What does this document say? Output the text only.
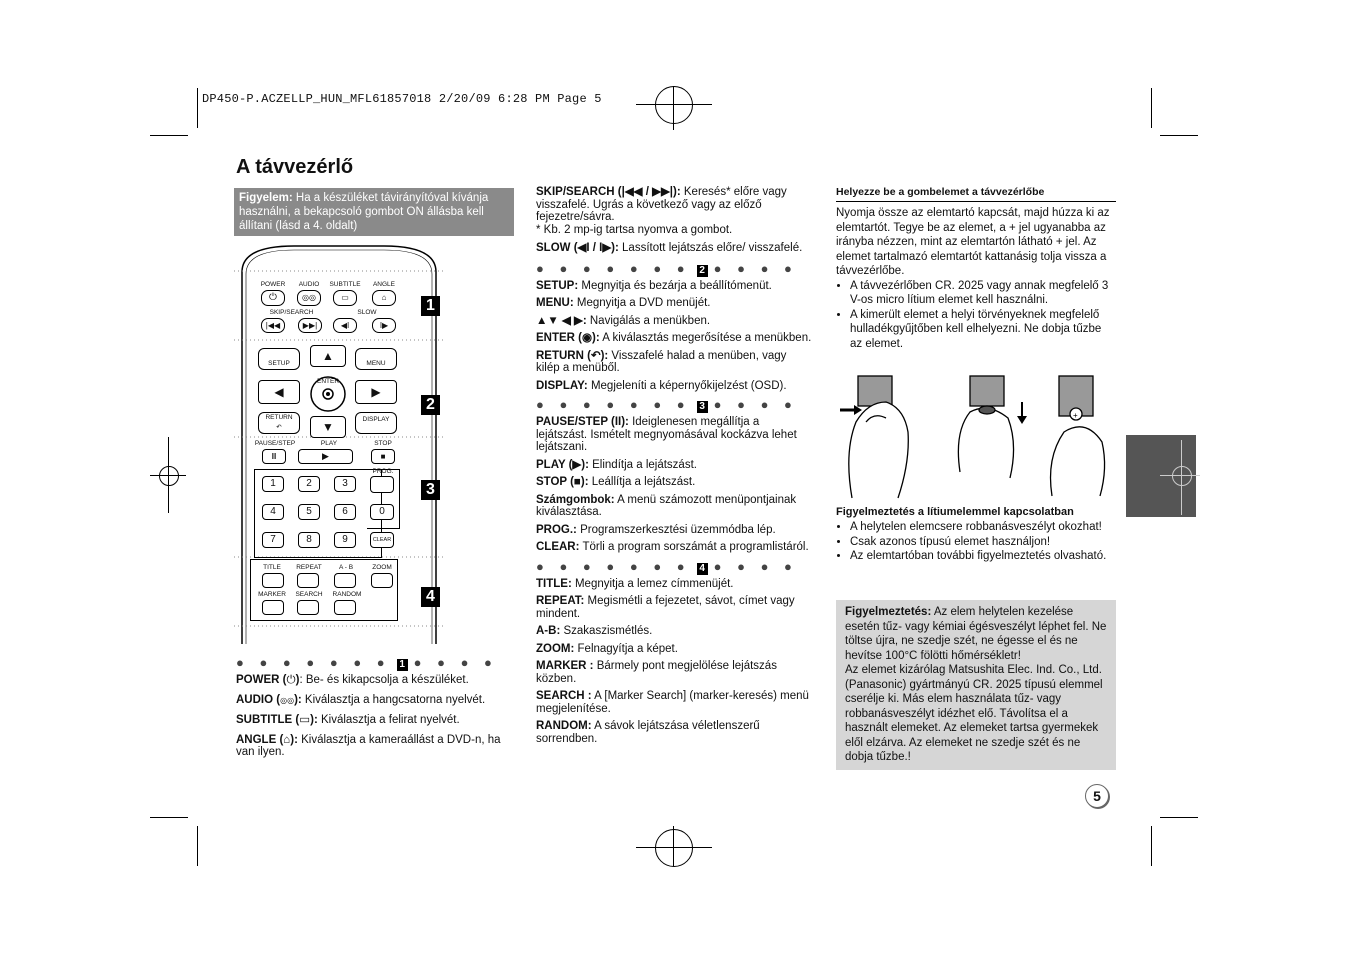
DP450-P.ACZELLP_HUN_MFL61857018 2/20/09 6:28 PM Page 5
A távvezérlő
Figyelem: Ha a készüléket távirányítóval kívánja használni, a bekapcsoló gombot ON állásba kell állítani (lásd a 4. oldalt)
POWER	AUDIO	SUBTITLE	ANGLE
⏻	◎◎	▭	⌂
SKIP/SEARCH	SLOW
|◀◀	▶▶|	◀I	I▶
SETUP
▲
MENU
◀
ENTER
▶
RETURN
↶	▼
DISPLAY
PAUSE/STEP	PLAY	STOP
II	▶	■
PROG.
1	2	3
4	5	6	0
7	8	9	CLEAR
TITLE	REPEAT	A - B	ZOOM
MARKER SEARCH RANDOM
1
2
3
4
● ● ● ● ● ● ● 1 ● ● ● ●
POWER (⏻): Be- és kikapcsolja a készüléket.
AUDIO (◎◎): Kiválasztja a hangcsatorna nyelvét.
SUBTITLE (▭): Kiválasztja a felirat nyelvét.
ANGLE (⌂): Kiválasztja a kameraállást a DVD-n, ha van ilyen.
SKIP/SEARCH (|◀◀ / ▶▶|): Keresés* előre vagy visszafelé. Ugrás a következő vagy az előző fejezetre/sávra.
* Kb. 2 mp-ig tartsa nyomva a gombot.
SLOW (◀I / I▶): Lassított lejátszás előre/ visszafelé.
● ● ● ● ● ● ● 2 ● ● ● ●
SETUP: Megnyitja és bezárja a beállítómenüt.
MENU: Megnyitja a DVD menüjét.
▲▼ ◀ ▶: Navigálás a menükben.
ENTER (◉): A kiválasztás megerősítése a menükben.
RETURN (↶): Visszafelé halad a menüben, vagy kilép a menüből.
DISPLAY: Megjeleníti a képernyőkijelzést (OSD).
● ● ● ● ● ● ● 3 ● ● ● ●
PAUSE/STEP (II): Ideiglenesen megállítja a lejátszást. Ismételt megnyomásával kockázva lehet lejátszani.
PLAY (▶): Elindítja a lejátszást.
STOP (■): Leállítja a lejátszást.
Számgombok: A menü számozott menüpontjainak kiválasztása.
PROG.: Programszerkesztési üzemmódba lép.
CLEAR: Törli a program sorszámát a programlistáról.
● ● ● ● ● ● ● 4 ● ● ● ●
TITLE: Megnyitja a lemez címmenüjét.
REPEAT: Megismétli a fejezetet, sávot, címet vagy mindent.
A-B: Szakaszismétlés.
ZOOM: Felnagyítja a képet.
MARKER : Bármely pont megjelölése lejátszás közben.
SEARCH : A [Marker Search] (marker-keresés) menü megjelenítése.
RANDOM: A sávok lejátszása véletlenszerű sorrendben.
Helyezze be a gombelemet a távvezérlőbe
Nyomja össze az elemtartó kapcsát, majd húzza ki az elemtartót. Tegye be az elemet, a + jel ugyanabba az irányba nézzen, mint az elemtartón látható + jel. Az elemet tartalmazó elemtartót kattanásig tolja vissza a távvezérlőbe.
• A távvezérlőben CR. 2025 vagy annak megfelelő 3 V-os micro lítium elemet kell használni.
• A kimerült elemet a helyi törvényeknek megfelelő hulladékgyűjtőben kell elhelyezni. Ne dobja tűzbe az elemet.
+
Figyelmeztetés a lítiumelemmel kapcsolatban
• A helytelen elemcsere robbanásveszélyt okozhat!
• Csak azonos típusú elemet használjon!
• Az elemtartóban további figyelmeztetés olvasható.
Figyelmeztetés: Az elem helytelen kezelése esetén tűz- vagy kémiai égésveszélyt léphet fel. Ne töltse újra, ne szedje szét, ne égesse el és ne hevítse 100°C fölötti hőmérsékletr!
Az elemet kizárólag Matsushita Elec. Ind. Co., Ltd. (Panasonic) gyártmányú CR. 2025 típusú elemmel cserélje ki. Más elem használata tűz- vagy robbanásveszélyt idézhet elő. Távolítsa el a használt elemeket. Az elemeket tartsa gyermekek elől elzárva. Az elemeket ne szedje szét és ne dobja tűzbe.!
5
